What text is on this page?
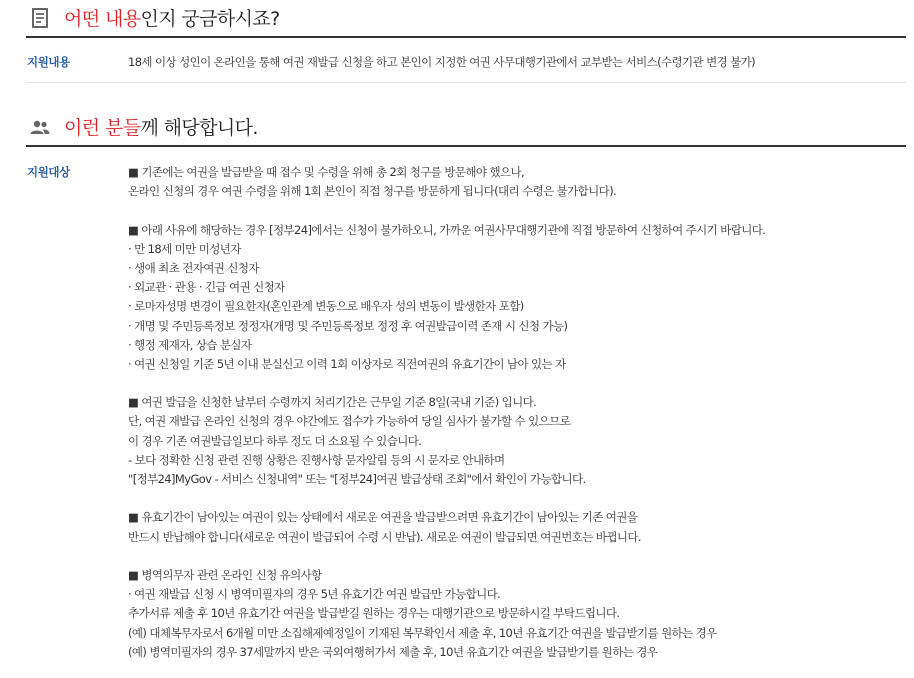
어떤 내용 인지 궁금하시죠?
지원내용	18세 이상 성인이 온라인을 통해 여권 재발급 신청을 하고 본인이 지정한 여권 사무대행기관에서 교부받는 서비스(수령기관 변경 불가)
이런 분들 께 해당합니다.
지원대상	■ 기존에는 여권을 발급받을 때 접수 및 수령을 위해 총 2회 청구를 방문해야 했으나,
온라인 신청의 경우 여권 수령을 위해 1회 본인이 직접 청구를 방문하게 됩니다(대리 수령은 불가합니다).
■ 아래 사유에 해당하는 경우 [정부24]에서는 신청이 불가하오니, 가까운 여권사무대행기관에 직접 방문하여 신청하여 주시기 바랍니다.
· 만 18세 미만 미성년자
· 생애 최초 전자여권 신청자
· 외교관 · 관용 · 긴급 여권 신청자
· 로마자성명 변경이 필요한자(혼인관계 변동으로 배우자 성의 변동이 발생한자 포함)
· 개명 및 주민등록정보 정정자(개명 및 주민등록정보 정정 후 여권발급이력 존재 시 신청 가능)
· 행정 제재자, 상습 분실자
· 여권 신청일 기준 5년 이내 분실신고 이력 1회 이상자로 직전여권의 유효기간이 남아 있는 자
■ 여권 발급을 신청한 날부터 수령까지 처리기간은 근무일 기준 8일(국내 기준) 입니다.
단, 여권 재발급 온라인 신청의 경우 야간에도 접수가 가능하여 당일 심사가 불가할 수 있으므로
이 경우 기존 여권발급일보다 하루 정도 더 소요될 수 있습니다.
- 보다 정확한 신청 관련 진행 상황은 진행사항 문자알림 등의 시 문자로 안내하며
"[정부24]MyGov - 서비스 신청내역" 또는 "[정부24]여권 발급상태 조회"에서 확인이 가능합니다.
■ 유효기간이 남아있는 여권이 있는 상태에서 새로운 여권을 발급받으려면 유효기간이 남아있는 기존 여권을
반드시 반납해야 합니다(새로운 여권이 발급되어 수령 시 반납). 새로운 여권이 발급되면 여권번호는 바뀝니다.
■ 병역의무자 관련 온라인 신청 유의사항
· 여권 재발급 신청 시 병역미필자의 경우 5년 유효기간 여권 발급만 가능합니다.
추가서류 제출 후 10년 유효기간 여권을 발급받길 원하는 경우는 대행기관으로 방문하시길 부탁드립니다.
(예) 대체복무자로서 6개월 미만 소집해제예정일이 기재된 복무확인서 제출 후, 10년 유효기간 여권을 발급받기를 원하는 경우
(예) 병역미필자의 경우 37세말까지 받은 국외여행허가서 제출 후, 10년 유효기간 여권을 발급받기를 원하는 경우
